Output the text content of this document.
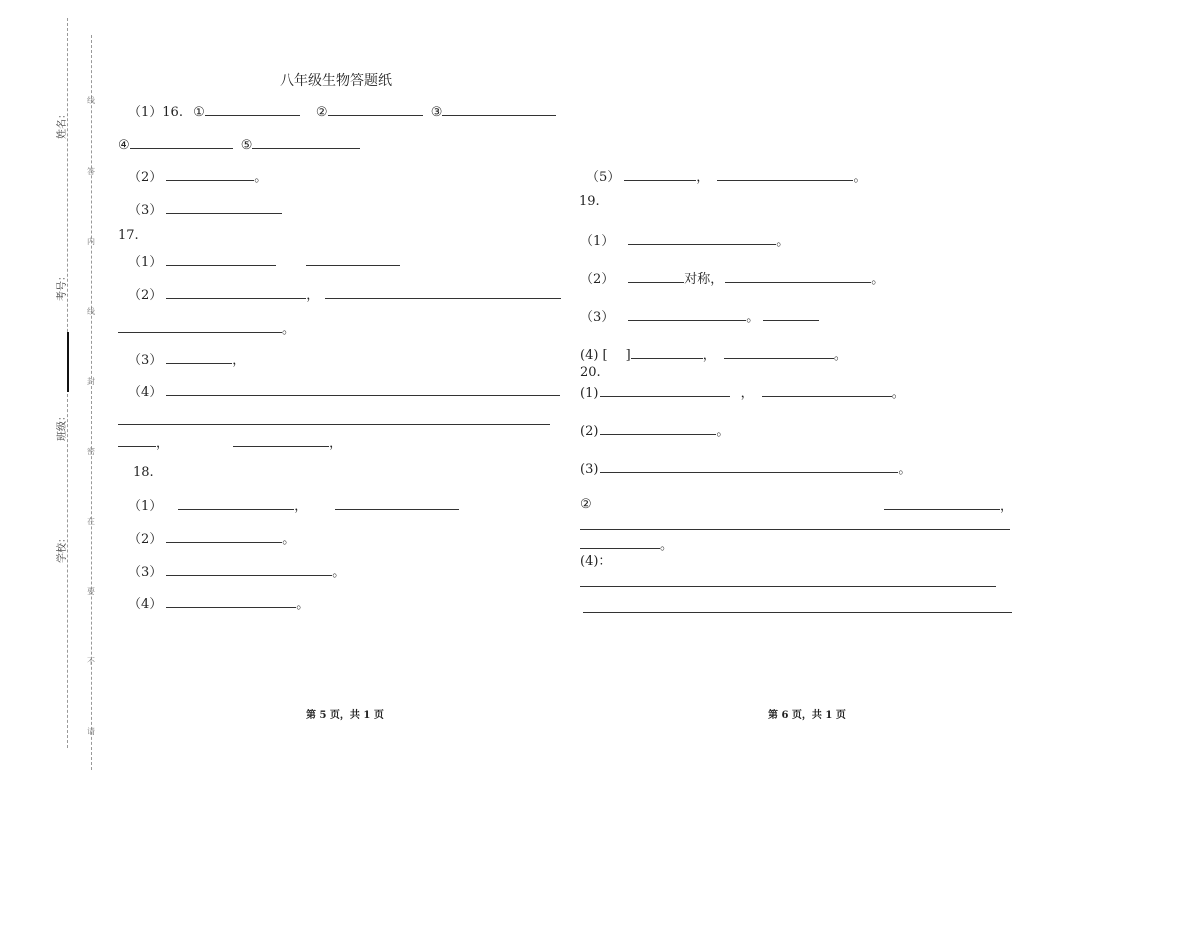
姓名：
考号：
班级：
学校：
线
答
内
线
封
密
在
要
不
请
八年级生物答题纸
（1）16. ①	②	③
④	⑤
（2）	。
（3）
17.
（1）
（2）	，
。
（3）	，
（4）
，	，
18.
（1）	，
（2）	。
（3）	。
（4）	。
第 5 页，共 1 页
（5）	，	。
19.
（1）	。
（2）	对称，	。
（3）	。
(4) [ ]	，	。
20.
(1)	，	。
(2)	。
(3)	。
②	，
。
(4)：
第 6 页，共 1 页
